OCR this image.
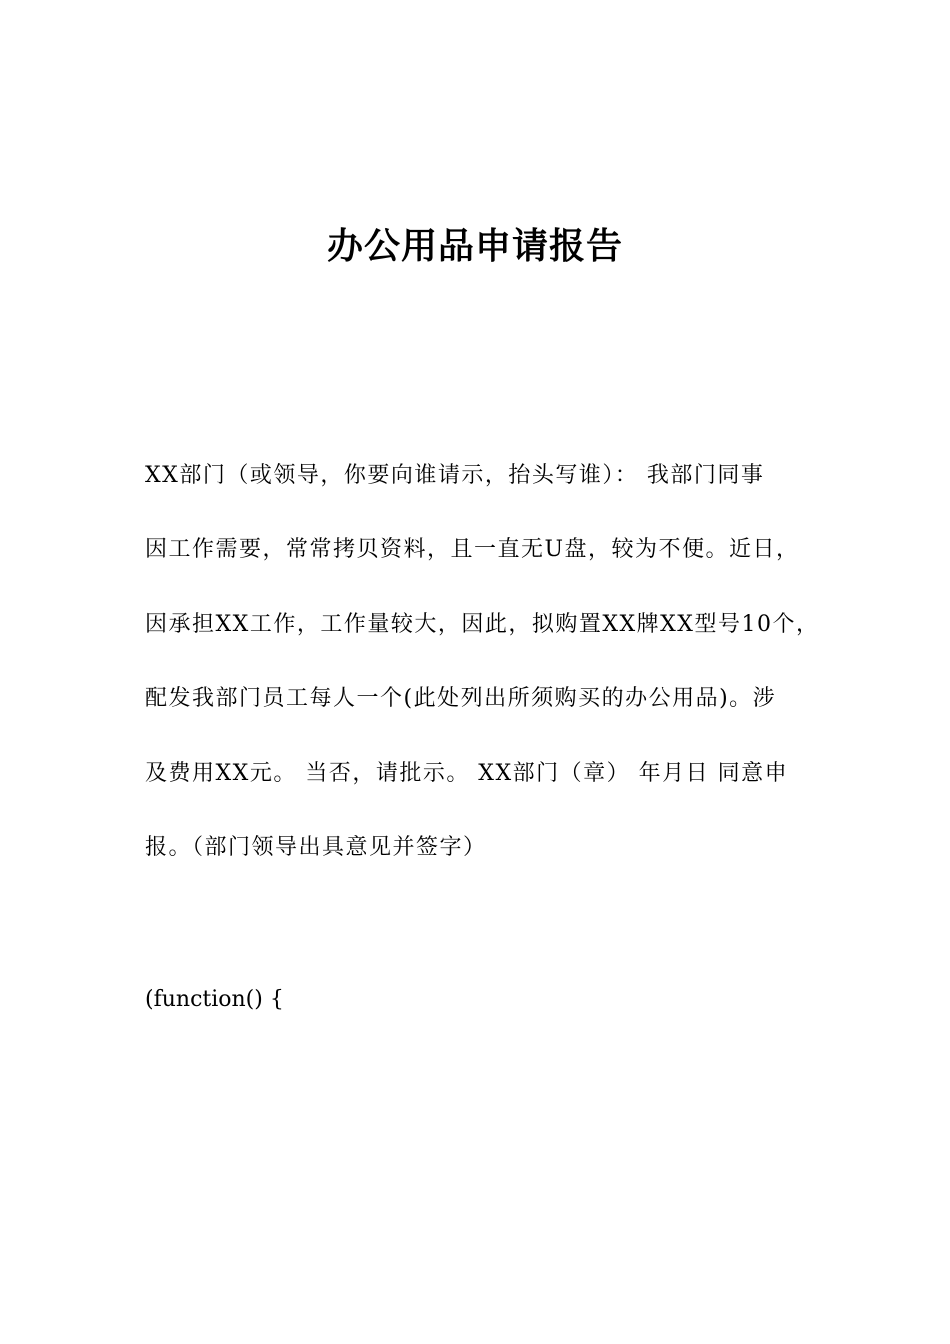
办公用品申请报告
XX部门（或领导，你要向谁请示，抬头写谁）： 我部门同事
因工作需要，常常拷贝资料，且一直无U盘，较为不便。近日，
因承担XX工作，工作量较大，因此，拟购置XX牌XX型号10个，
配发我部门员工每人一个(此处列出所须购买的办公用品)。涉
及费用XX元。 当否，请批示。 XX部门（章） 年月日 同意申
报。（部门领导出具意见并签字）
(function() {
